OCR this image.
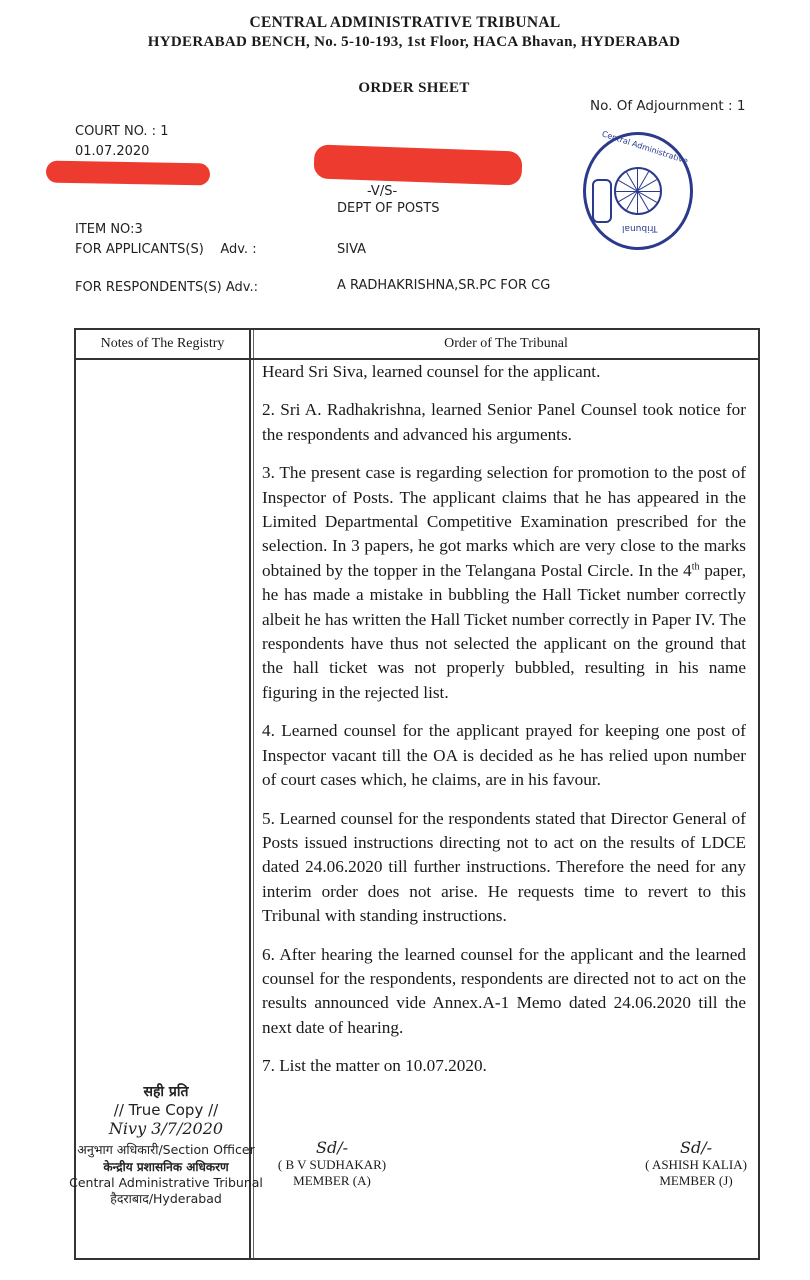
CENTRAL ADMINISTRATIVE TRIBUNAL
HYDERABAD BENCH, No. 5-10-193, 1st Floor, HACA Bhavan, HYDERABAD
ORDER SHEET
No. Of Adjournment : 1
COURT NO. : 1
01.07.2020
-V/S-
DEPT OF POSTS
ITEM NO:3
FOR APPLICANTS(S)    Adv. :	SIVA
FOR RESPONDENTS(S) Adv.:	A RADHAKRISHNA,SR.PC FOR CG
Central Administrative
Tribunal
Notes of The Registry	Order of The Tribunal

Heard Sri Siva, learned counsel for the applicant.

2. Sri A. Radhakrishna, learned Senior Panel Counsel took notice for the respondents and advanced his arguments.

3. The present case is regarding selection for promotion to the post of Inspector of Posts. The applicant claims that he has appeared in the Limited Departmental Competitive Examination prescribed for the selection. In 3 papers, he got marks which are very close to the marks obtained by the topper in the Telangana Postal Circle. In the 4th paper, he has made a mistake in bubbling the Hall Ticket number correctly albeit he has written the Hall Ticket number correctly in Paper IV. The respondents have thus not selected the applicant on the ground that the hall ticket was not properly bubbled, resulting in his name figuring in the rejected list.

4. Learned counsel for the applicant prayed for keeping one post of Inspector vacant till the OA is decided as he has relied upon number of court cases which, he claims, are in his favour.

5. Learned counsel for the respondents stated that Director General of Posts issued instructions directing not to act on the results of LDCE dated 24.06.2020 till further instructions. Therefore the need for any interim order does not arise. He requests time to revert to this Tribunal with standing instructions.

6. After hearing the learned counsel for the applicant and the learned counsel for the respondents, respondents are directed not to act on the results announced vide Annex.A-1 Memo dated 24.06.2020 till the next date of hearing.

7. List the matter on 10.07.2020.

सही प्रति
// True Copy //
Nivy 3/7/2020
अनुभाग अधिकारी/Section Officer
केन्द्रीय प्रशासनिक अधिकरण
Central Administrative Tribunal
हैदराबाद/Hyderabad
Sd/-
( B V SUDHAKAR)
MEMBER (A)
Sd/-
( ASHISH KALIA)
MEMBER (J)
